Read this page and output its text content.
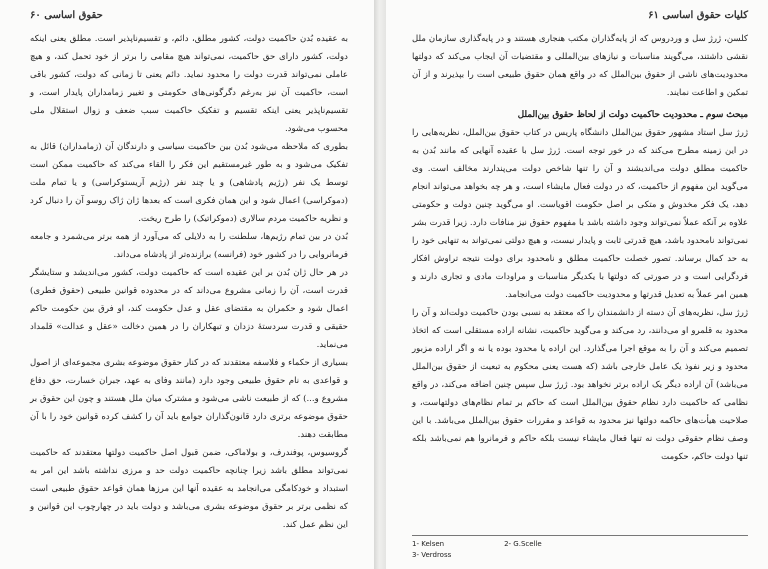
۶۰ حقوق اساسی

به عقیده بُدن حاکمیت دولت، کشور مطلق، دائم، و تقسیم‌ناپذیر است. مطلق یعنی اینکه دولت، کشور دارای حق حاکمیت، نمی‌تواند هیچ مقامی را برتر از خود تحمل کند، و هیچ عاملی نمی‌تواند قدرت دولت را محدود نماید. دائم یعنی تا زمانی که دولت، کشور باقی است، حاکمیت آن نیز به‌رغم دگرگونی‌های حکومتی و تغییر زمامداران پایدار است، و تقسیم‌ناپذیر یعنی اینکه تقسیم و تفکیک حاکمیت سبب ضعف و زوال استقلال ملی محسوب می‌شود.

بطوری که ملاحظه می‌شود بُدن بین حاکمیت سیاسی و دارندگان آن (زمامداران) قائل به تفکیک می‌شود و به طور غیرمستقیم این فکر را القاء می‌کند که حاکمیت ممکن است توسط یک نفر (رژیم پادشاهی) و یا چند نفر (رژیم آریستوکراسی) و یا تمام ملت (دموکراسی) اعمال شود و این همان فکری است که بعدها ژان ژاک روسو آن را دنبال کرد و نظریه حاکمیت مردم سالاری (دموکراتیک) را طرح ریخت.

بُدن در بین تمام رژیم‌ها، سلطنت را به دلایلی که می‌آورد از همه برتر می‌شمرد و جامعه فرمانروایی را در کشور خود (فرانسه) برازنده‌تر از پادشاه می‌داند.

در هر حال ژان بُدن بر این عقیده است که حاکمیت دولت، کشور می‌اندیشد و ستایشگر قدرت است، آن را زمانی مشروع می‌داند که در محدوده قوانین طبیعی (حقوق فطری) اعمال شود و حکمران به مقتضای عقل و عدل حکومت کند، او فرق بین حکومت حاکم حقیقی و قدرت سردستهٔ دزدان و تبهکاران را در همین دخالت «عقل و عدالت» قلمداد می‌نماید.

بسیاری از حکماء و فلاسفه معتقدند که در کنار حقوق موضوعه بشری مجموعه‌ای از اصول و قواعدی به نام حقوق طبیعی وجود دارد (مانند وفای به عهد، جبران خسارت، حق دفاع مشروع و...) که از طبیعت ناشی می‌شود و مشترک میان ملل هستند و چون این حقوق بر حقوق موضوعه برتری دارد قانون‌گذاران جوامع باید آن را کشف کرده قوانین خود را با آن مطابقت دهند.

گروسیوس، پوفندرف، و بولاماکی، ضمن قبول اصل حاکمیت دولتها معتقدند که حاکمیت نمی‌تواند مطلق باشد زیرا چنانچه حاکمیت دولت حد و مرزی نداشته باشد این امر به استبداد و خودکامگی می‌انجامد به عقیده آنها این مرزها همان قواعد حقوق طبیعی است که نظمی برتر بر حقوق موضوعه بشری می‌باشد و دولت باید در چهارچوب این قوانین و این نظم عمل کند.

کلیات حقوق اساسی ۶۱

کلسن، ژرژ سل و وردروس که از پایه‌گذاران مکتب هنجاری هستند و در پایه‌گذاری سازمان ملل نقشی داشتند، می‌گویند مناسبات و نیازهای بین‌المللی و مقتضیات آن ایجاب می‌کند که دولتها محدودیت‌های ناشی از حقوق بین‌الملل که در واقع همان حقوق طبیعی است را بپذیرند و از آن تمکین و اطاعت نمایند.

مبحث سوم ـ محدودیت حاکمیت دولت از لحاظ حقوق بین‌الملل

ژرژ سل استاد مشهور حقوق بین‌الملل دانشگاه پاریس در کتاب حقوق بین‌الملل، نظریه‌هایی را در این زمینه مطرح می‌کند که در خور توجه است. ژرژ سل با عقیده آنهایی که مانند بُدن به حاکمیت مطلق دولت می‌اندیشند و آن را تنها شاخص دولت می‌پندارند مخالف است. وی می‌گوید این مفهوم از حاکمیت، که در دولت فعال مایشاء است، و هر چه بخواهد می‌تواند انجام دهد، یک فکر مخدوش و متکی بر اصل حکومت اقویاست. او می‌گوید چنین دولت و حکومتی علاوه بر آنکه عملاً نمی‌تواند وجود داشته باشد با مفهوم حقوق نیز منافات دارد. زیرا قدرت بشر نمی‌تواند نامحدود باشد، هیچ قدرتی ثابت و پایدار نیست، و هیچ دولتی نمی‌تواند به تنهایی خود را به حد کمال برساند. تصور خصلت حاکمیت مطلق و نامحدود برای دولت نتیجه تراوش افکار فردگرایی است و در صورتی که دولتها با یکدیگر مناسبات و مراودات مادی و تجاری دارند و همین امر عملاً به تعدیل قدرتها و محدودیت حاکمیت دولت می‌انجامد.

ژرژ سل، نظریه‌های آن دسته از دانشمندان را که معتقد به نسبی بودن حاکمیت دولت‌اند و آن را محدود به قلمرو او می‌دانند، رد می‌کند و می‌گوید حاکمیت، نشانه اراده مستقلی است که اتخاذ تصمیم می‌کند و آن را به موقع اجرا می‌گذارد. این اراده یا محدود بوده یا نه و اگر اراده مزبور محدود و زیر نفوذ یک عامل خارجی باشد (که هست یعنی محکوم به تبعیت از حقوق بین‌الملل می‌باشد) آن اراده دیگر یک اراده برتر نخواهد بود. ژرژ سل سپس چنین اضافه می‌کند، در واقع نظامی که حاکمیت دارد نظام حقوق بین‌الملل است که حاکم بر تمام نظام‌های دولتهاست، و صلاحیت هیأت‌های حاکمه دولتها نیز محدود به قواعد و مقررات حقوق بین‌الملل می‌باشد. با این وصف نظام حقوقی دولت نه تنها فعال مایشاء نیست بلکه حاکم و فرمانروا هم نمی‌باشد بلکه تنها دولت حاکم، حکومت

1- Kelsen	2- G.Scelle
3- Verdross
